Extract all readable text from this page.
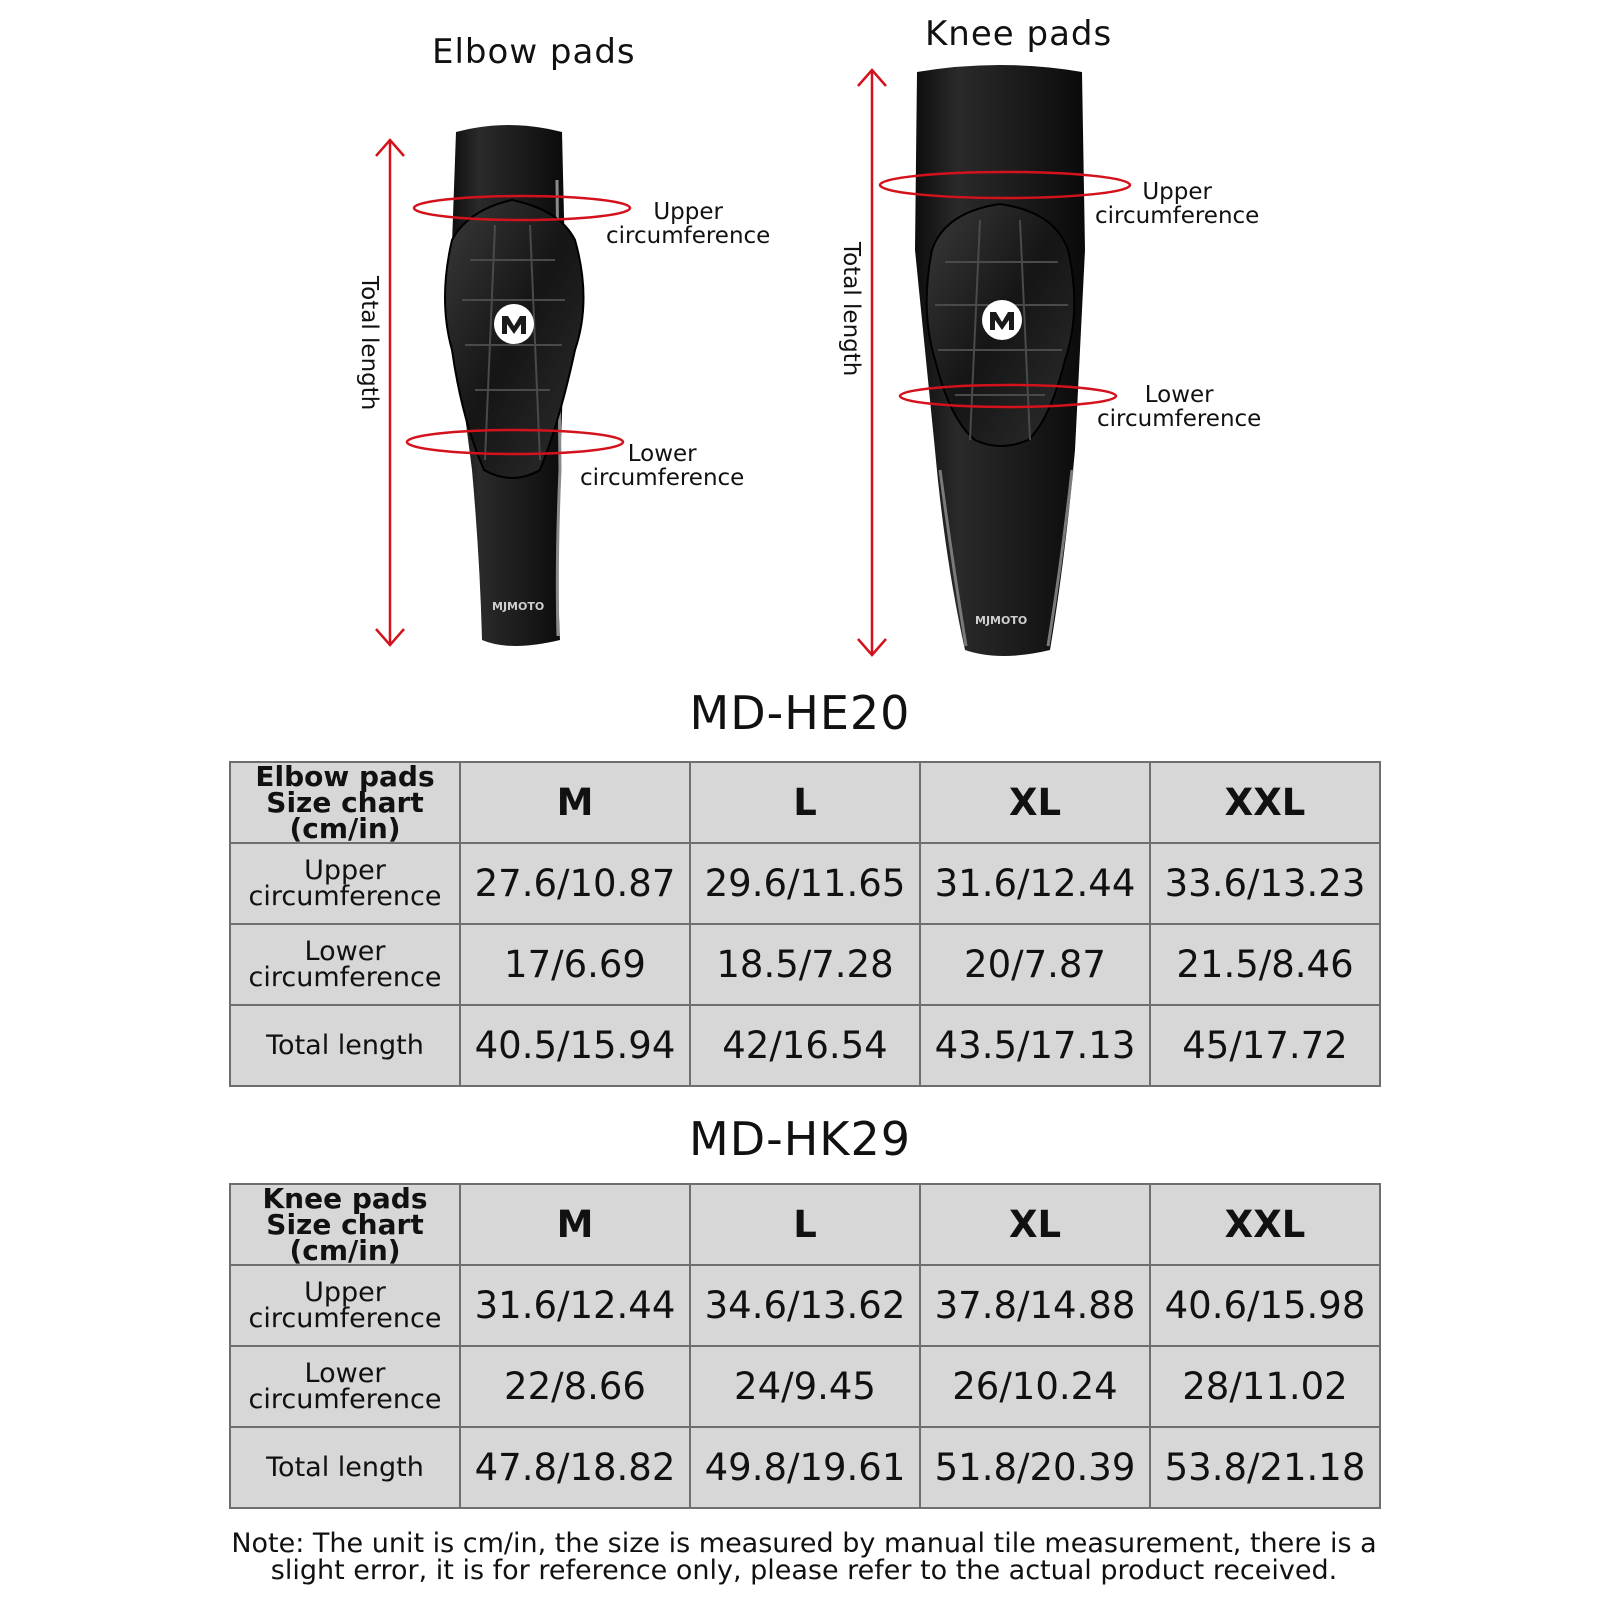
Elbow pads	Knee pads
MJMOTO
MJMOTO
Upper
circumference
Lower
circumference
Total length
Upper
circumference
Lower
circumference
Total length
MD-HE20
Elbow pads
Size chart
(cm/in)	M	L	XL	XXL

Upper
circumference	27.6/10.87	29.6/11.65	31.6/12.44	33.6/13.23

Lower
circumference	17/6.69	18.5/7.28	20/7.87	21.5/8.46

Total length	40.5/15.94	42/16.54	43.5/17.13	45/17.72
MD-HK29
Knee pads
Size chart
(cm/in)	M	L	XL	XXL

Upper
circumference	31.6/12.44	34.6/13.62	37.8/14.88	40.6/15.98

Lower
circumference	22/8.66	24/9.45	26/10.24	28/11.02

Total length	47.8/18.82	49.8/19.61	51.8/20.39	53.8/21.18
Note: The unit is cm/in, the size is measured by manual tile measurement, there is a
slight error, it is for reference only, please refer to the actual product received.
